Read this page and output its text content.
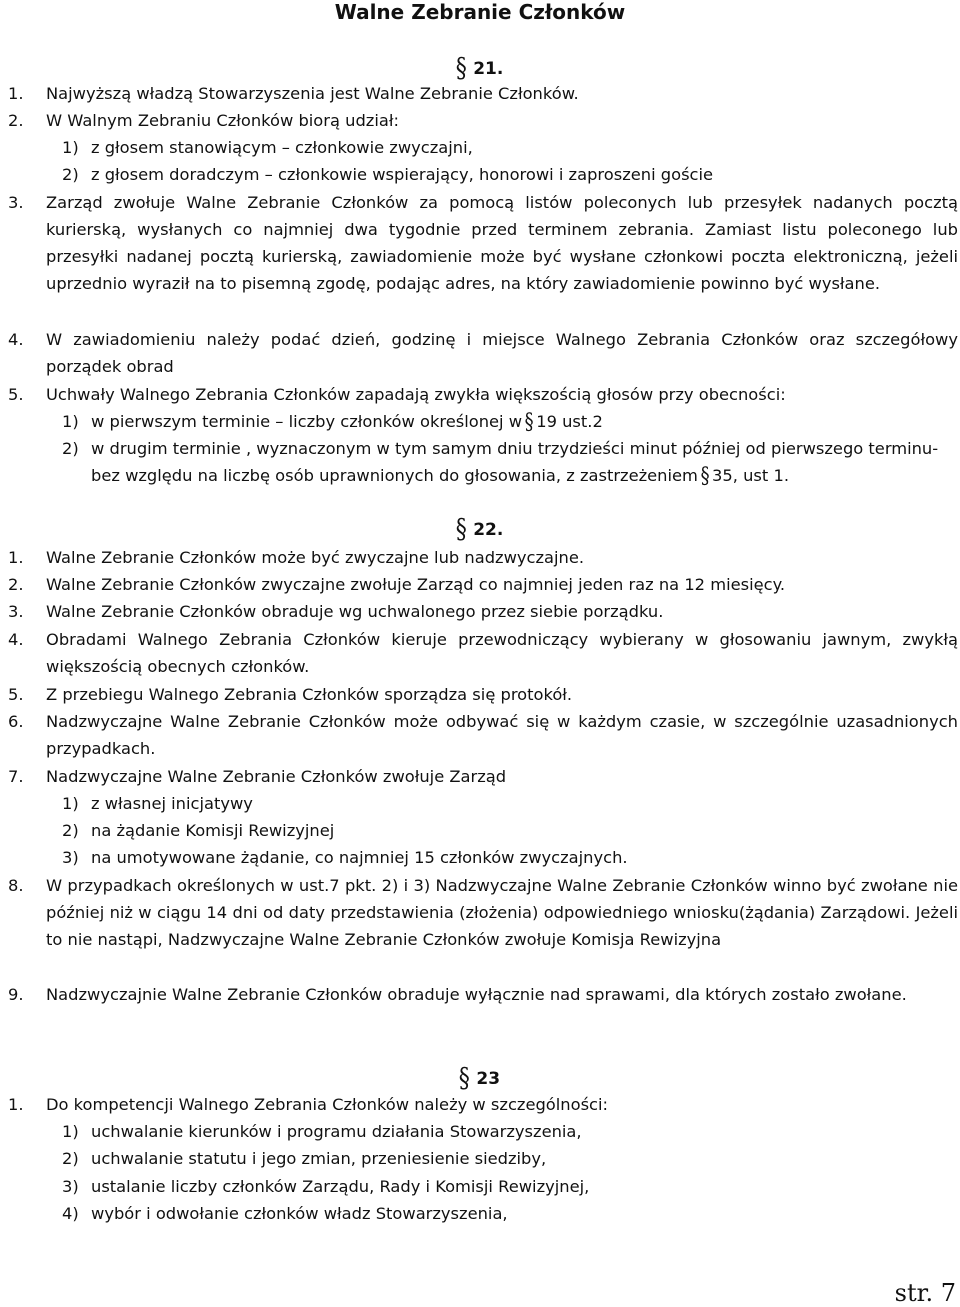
Walne Zebranie Członków
§ 21.
1.	Najwyższą władzą Stowarzyszenia jest Walne Zebranie Członków.
2.	W Walnym Zebraniu Członków biorą udział:
1) z głosem stanowiącym – członkowie zwyczajni,
2) z głosem doradczym – członkowie wspierający, honorowi i zaproszeni goście
3.	Zarząd zwołuje Walne Zebranie Członków za pomocą listów poleconych lub przesyłek nadanych pocztą kurierską, wysłanych co najmniej dwa tygodnie przed terminem zebrania. Zamiast listu poleconego lub przesyłki nadanej pocztą kurierską, zawiadomienie może być wysłane członkowi poczta elektroniczną, jeżeli uprzednio wyraził na to pisemną zgodę, podając adres, na który zawiadomienie powinno być wysłane.
4.	W zawiadomieniu należy podać dzień, godzinę i miejsce Walnego Zebrania Członków oraz szczegółowy porządek obrad
5.	Uchwały Walnego Zebrania Członków zapadają zwykła większością głosów przy obecności:
1) w pierwszym terminie – liczby członków określonej w § 19 ust.2
2) w drugim terminie , wyznaczonym w tym samym dniu trzydzieści minut później od pierwszego terminu- bez względu na liczbę osób uprawnionych do głosowania, z zastrzeżeniem § 35, ust 1.
§ 22.
1.	Walne Zebranie Członków może być zwyczajne lub nadzwyczajne.
2.	Walne Zebranie Członków zwyczajne zwołuje Zarząd co najmniej jeden raz na 12 miesięcy.
3.	Walne Zebranie Członków obraduje wg uchwalonego przez siebie porządku.
4.	Obradami Walnego Zebrania Członków kieruje przewodniczący wybierany w głosowaniu jawnym, zwykłą większością obecnych członków.
5.	Z przebiegu Walnego Zebrania Członków sporządza się protokół.
6.	Nadzwyczajne Walne Zebranie Członków może odbywać się w każdym czasie, w szczególnie uzasadnionych przypadkach.
7.	Nadzwyczajne Walne Zebranie Członków zwołuje Zarząd
1) z własnej inicjatywy
2) na żądanie Komisji Rewizyjnej
3) na umotywowane żądanie, co najmniej 15 członków zwyczajnych.
8.	W przypadkach określonych w ust.7 pkt. 2) i 3) Nadzwyczajne Walne Zebranie Członków winno być zwołane nie później niż w ciągu 14 dni od daty przedstawienia (złożenia) odpowiedniego wniosku(żądania) Zarządowi. Jeżeli to nie nastąpi, Nadzwyczajne Walne Zebranie Członków zwołuje Komisja Rewizyjna
9.	Nadzwyczajnie Walne Zebranie Członków obraduje wyłącznie nad sprawami, dla których zostało zwołane.
§ 23
1.	Do kompetencji Walnego Zebrania Członków należy w szczególności:
1) uchwalanie kierunków i programu działania Stowarzyszenia,
2) uchwalanie statutu i jego zmian, przeniesienie siedziby,
3) ustalanie liczby członków Zarządu, Rady i Komisji Rewizyjnej,
4) wybór i odwołanie członków władz Stowarzyszenia,
str. 7
